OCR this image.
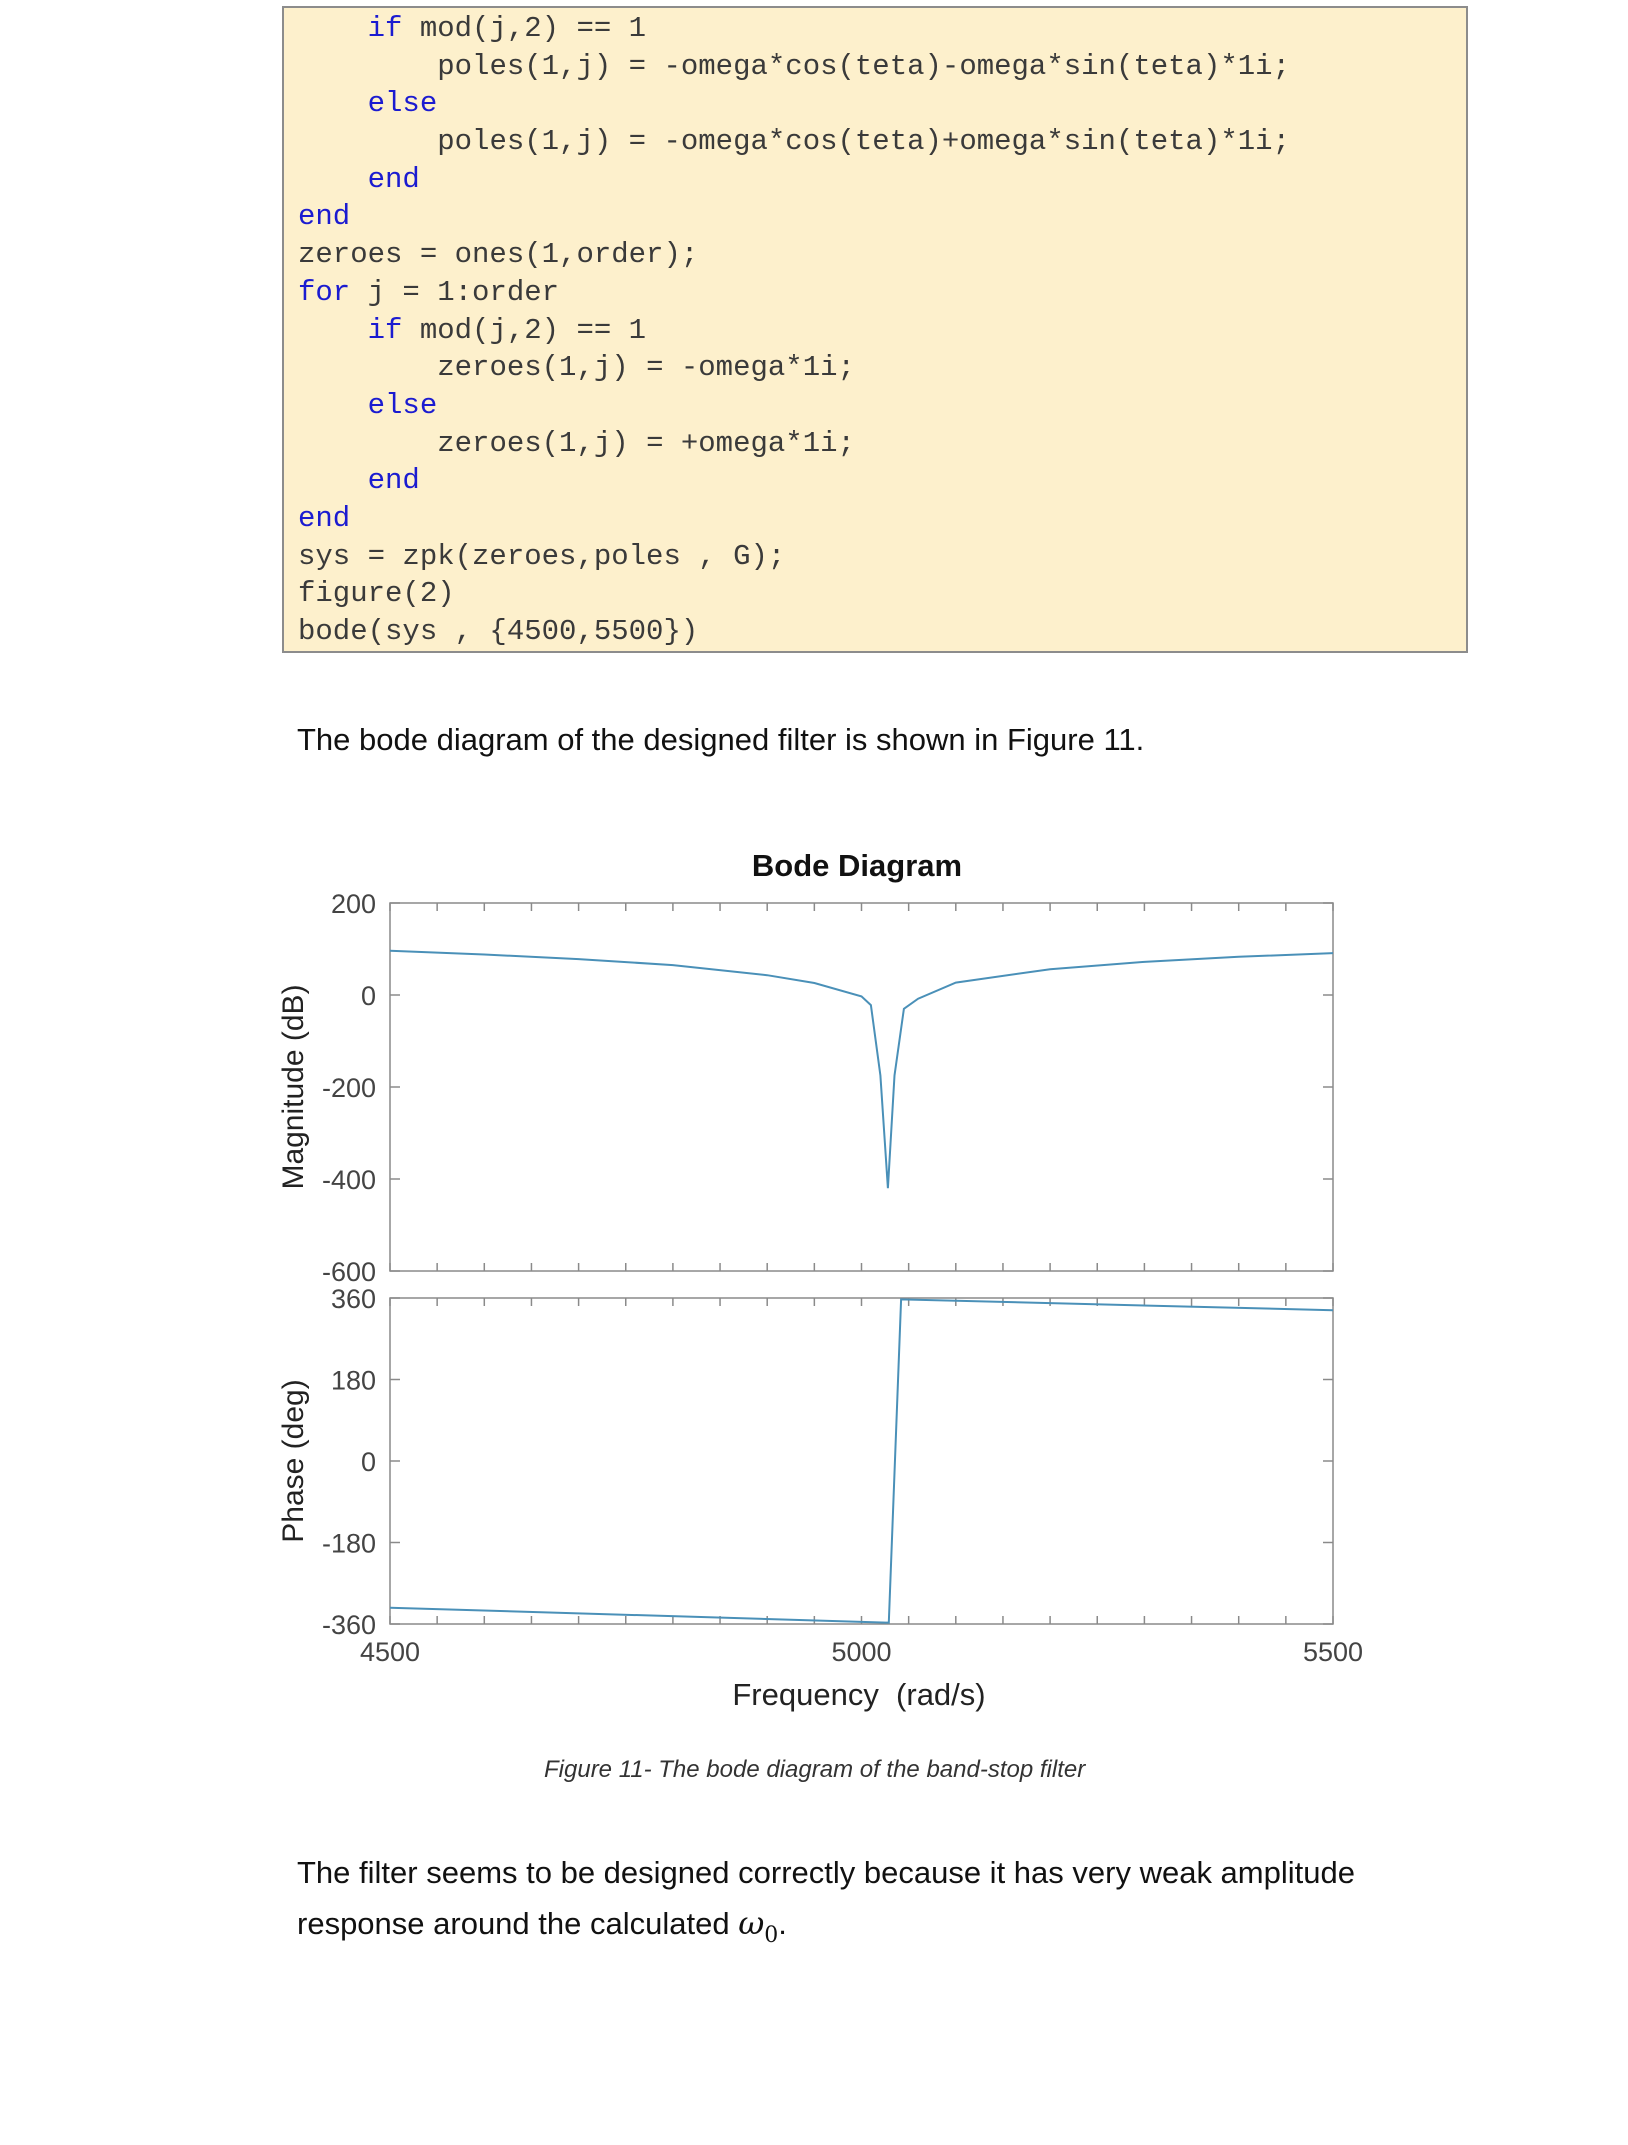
if mod(j,2) == 1
poles(1,j) = -omega*cos(teta)-omega*sin(teta)*1i;
else
poles(1,j) = -omega*cos(teta)+omega*sin(teta)*1i;
end
end
zeroes = ones(1,order);
for j = 1:order
if mod(j,2) == 1
zeroes(1,j) = -omega*1i;
else
zeroes(1,j) = +omega*1i;
end
end
sys = zpk(zeroes,poles , G);
figure(2)
bode(sys , {4500,5500})

The bode diagram of the designed filter is shown in Figure 11.

Bode Diagram
200
0
-200
-400
-600
Magnitude (dB)
360
180
0
-180
-360
Phase (deg)
4500	5000	5500
Frequency  (rad/s)
Figure 11- The bode diagram of the band-stop filter

The filter seems to be designed correctly because it has very weak amplitude
response around the calculated $\omega_0$.
